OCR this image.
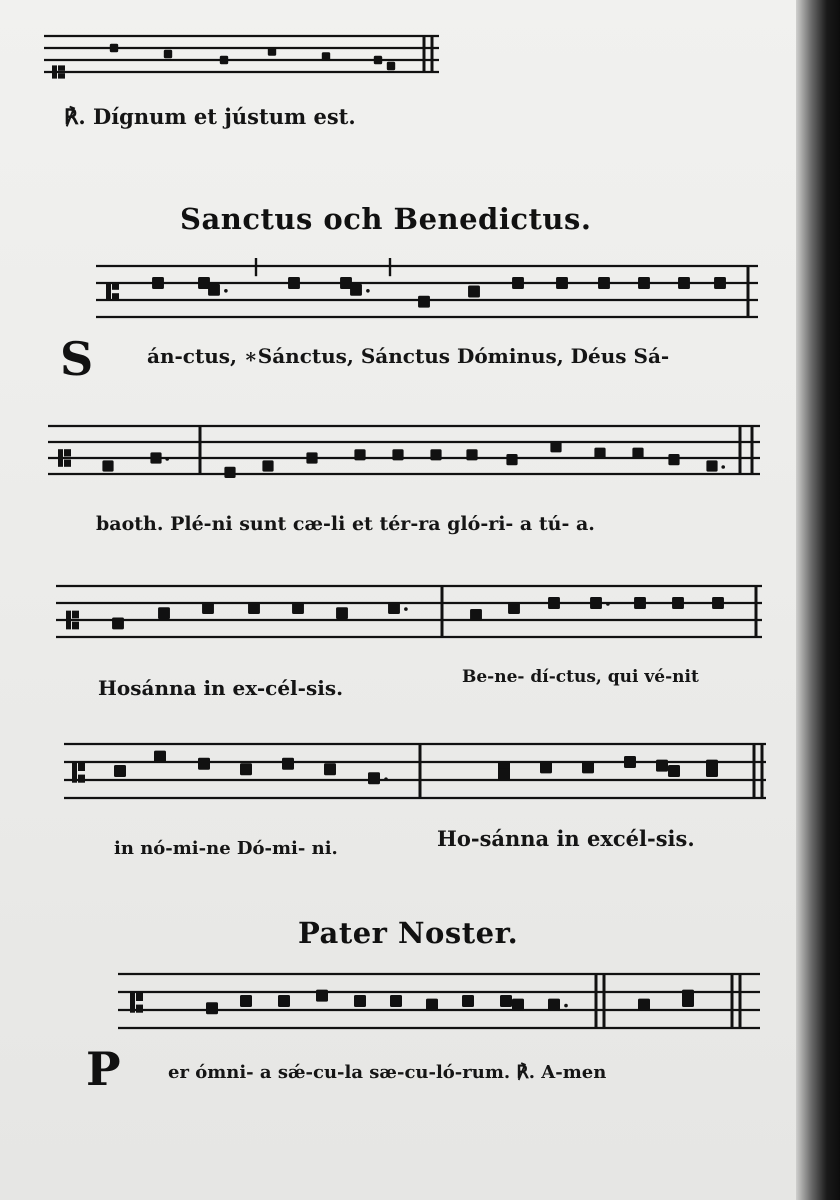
℟. Dígnum et jústum est.
Sanctus och Benedictus.
S	án-ctus, ∗Sánctus, Sánctus Dóminus, Déus Sá-
baoth. Plé-ni sunt cæ-li et tér-ra gló-ri- a tú- a.
Hosánna in ex-cél-sis.	Be-ne- dí-ctus, qui vé-nit
in nó-mi-ne Dó-mi- ni.	Ho-sánna in excél-sis.
Pater Noster.
P	er ómni- a sǽ-cu-la sæ-cu-ló-rum. ℟. A-men
